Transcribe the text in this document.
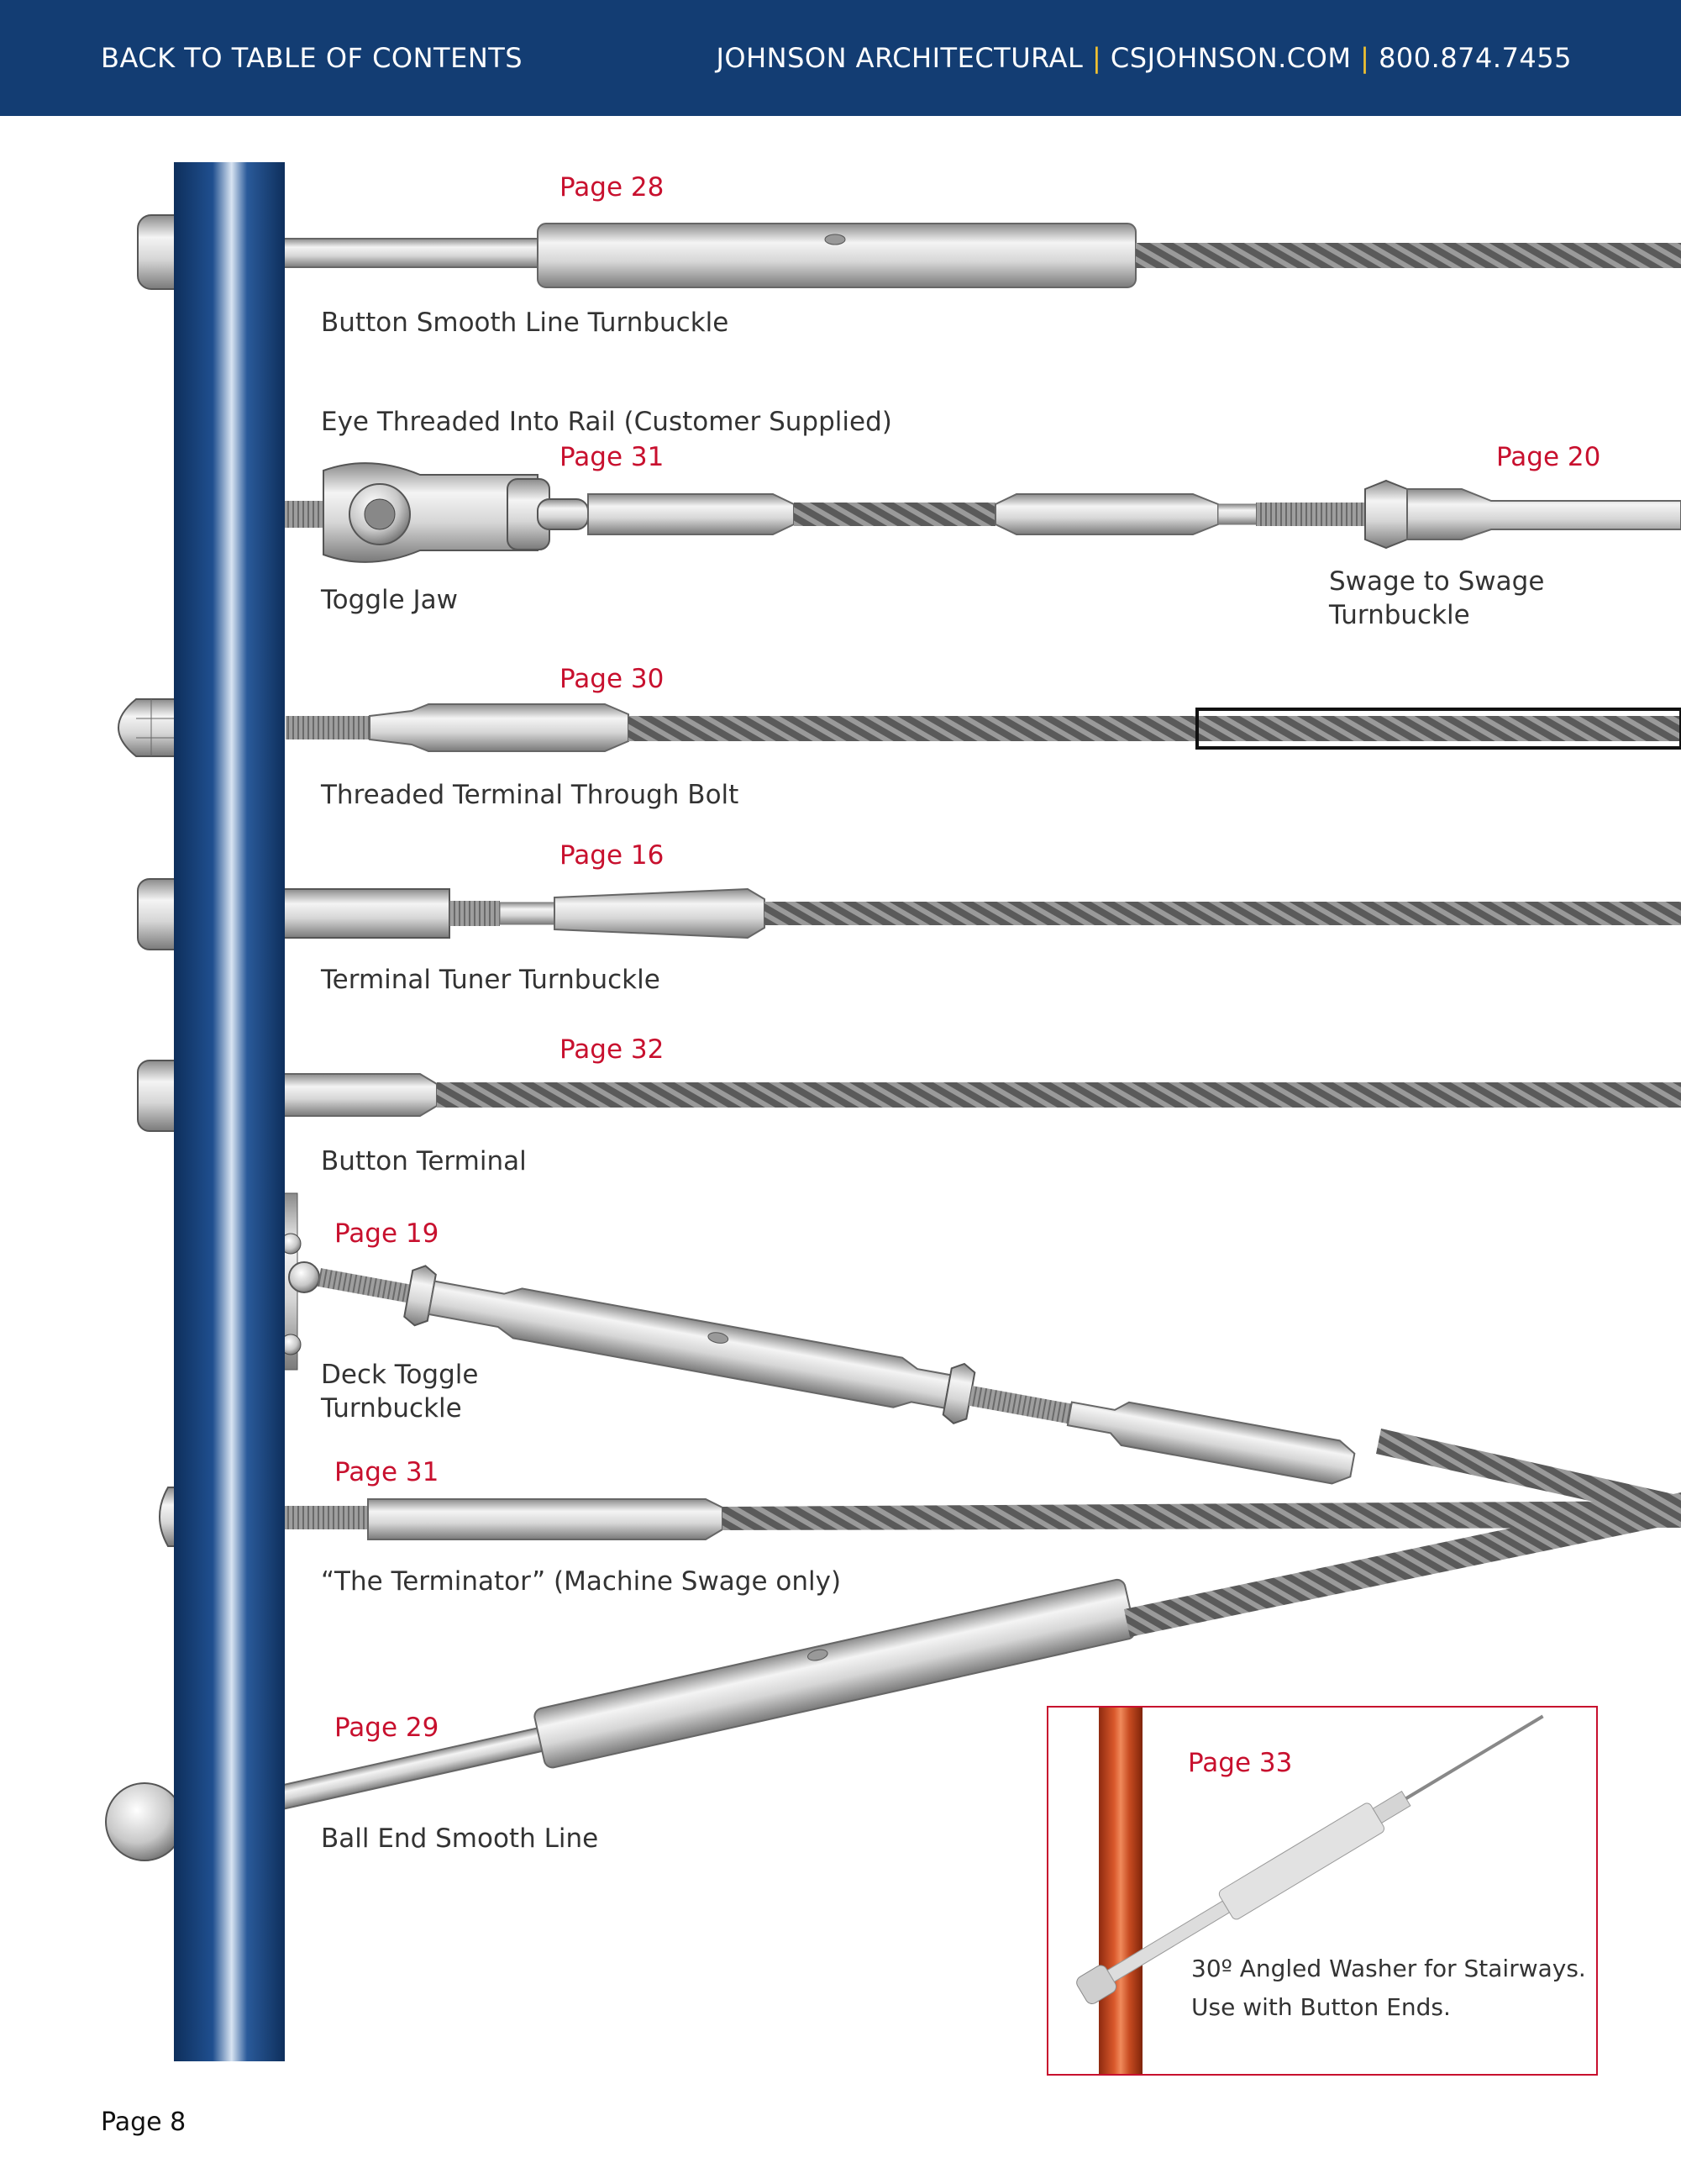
BACK TO TABLE OF CONTENTS	JOHNSON ARCHITECTURAL | CSJOHNSON.COM | 800.874.7455
Page 28
Page 31	Page 20
Page 30
Page 16
Page 32
Page 19
Page 31
Page 29
Button Smooth Line Turnbuckle
Eye Threaded Into Rail (Customer Supplied)
Toggle Jaw
Swage to Swage Turnbuckle
Threaded Terminal Through Bolt
Terminal Tuner Turnbuckle
Button Terminal
Deck Toggle
Turnbuckle
“The Terminator” (Machine Swage only)
Ball End Smooth Line
Page 33
30º Angled Washer for Stairways.
Use with Button Ends.
Page 8
